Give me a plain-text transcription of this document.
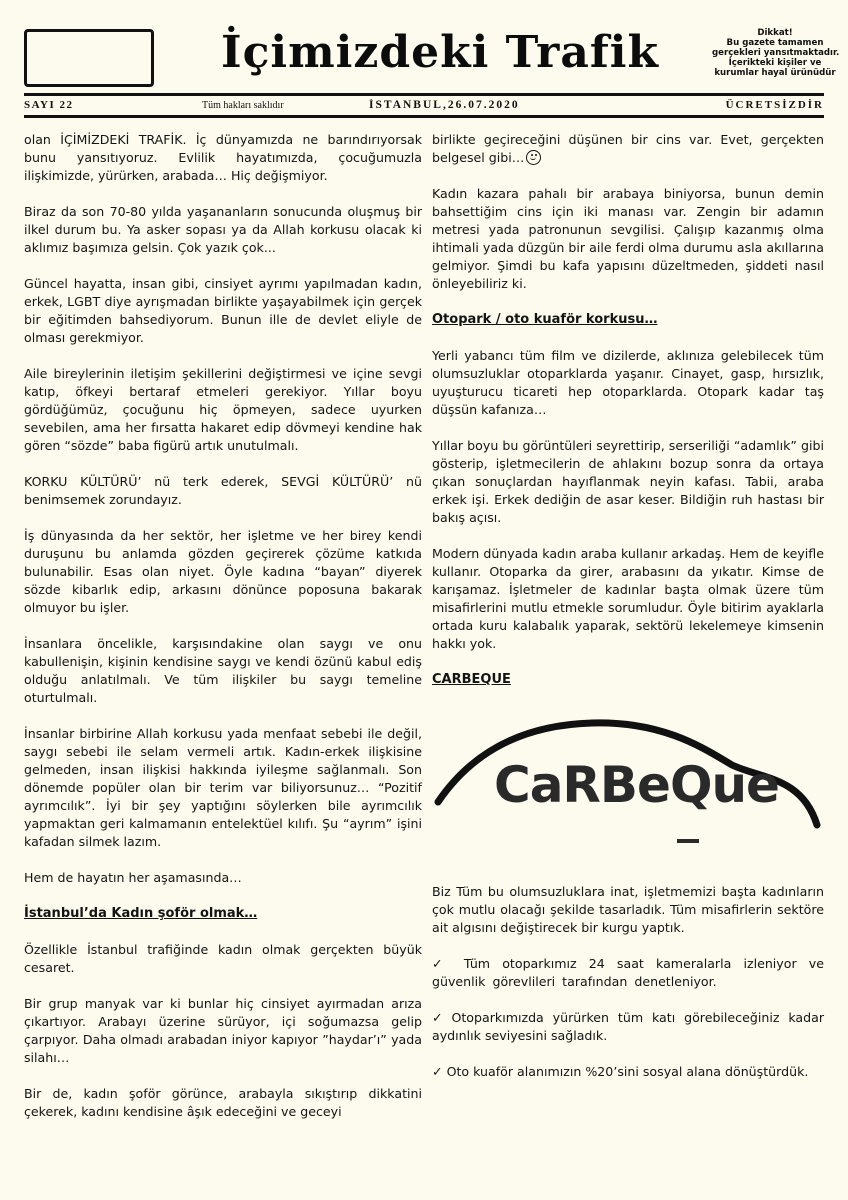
İçimizdeki Trafik	Dikkat!
Bu gazete tamamen
gerçekleri yansıtmaktadır.
İçerikteki kişiler ve
kurumlar hayal ürünüdür
SAYI 22	Tüm hakları saklıdır	İSTANBUL,26.07.2020	ÜCRETSİZDİR

olan İÇİMİZDEKİ TRAFİK. İç dünyamızda ne barındırıyorsak bunu yansıtıyoruz. Evlilik hayatımızda, çocuğumuzla ilişkimizde, yürürken, arabada… Hiç değişmiyor.

Biraz da son 70-80 yılda yaşananların sonucunda oluşmuş bir ilkel durum bu. Ya asker sopası ya da Allah korkusu olacak ki aklımız başımıza gelsin. Çok yazık çok...

Güncel hayatta, insan gibi, cinsiyet ayrımı yapılmadan kadın, erkek, LGBT diye ayrışmadan birlikte yaşayabilmek için gerçek bir eğitimden bahsediyorum. Bunun ille de devlet eliyle de olması gerekmiyor.

Aile bireylerinin iletişim şekillerini değiştirmesi ve içine sevgi katıp, öfkeyi bertaraf etmeleri gerekiyor. Yıllar boyu gördüğümüz, çocuğunu hiç öpmeyen, sadece uyurken sevebilen, ama her fırsatta hakaret edip dövmeyi kendine hak gören “sözde” baba figürü artık unutulmalı.

KORKU KÜLTÜRÜ’ nü terk ederek, SEVGİ KÜLTÜRÜ’ nü benimsemek zorundayız.

İş dünyasında da her sektör, her işletme ve her birey kendi duruşunu bu anlamda gözden geçirerek çözüme katkıda bulunabilir. Esas olan niyet. Öyle kadına “bayan” diyerek sözde kibarlık edip, arkasını dönünce poposuna bakarak olmuyor bu işler.

İnsanlara öncelikle, karşısındakine olan saygı ve onu kabullenişin, kişinin kendisine saygı ve kendi özünü kabul ediş olduğu anlatılmalı. Ve tüm ilişkiler bu saygı temeline oturtulmalı.

İnsanlar birbirine Allah korkusu yada menfaat sebebi ile değil, saygı sebebi ile selam vermeli artık. Kadın-erkek ilişkisine gelmeden, insan ilişkisi hakkında iyileşme sağlanmalı. Son dönemde popüler olan bir terim var biliyorsunuz… “Pozitif ayrımcılık”. İyi bir şey yaptığını söylerken bile ayrımcılık yapmaktan geri kalmamanın entelektüel kılıfı. Şu “ayrım” işini kafadan silmek lazım.

Hem de hayatın her aşamasında…

İstanbul’da Kadın şoför olmak…

Özellikle İstanbul trafiğinde kadın olmak gerçekten büyük cesaret.

Bir grup manyak var ki bunlar hiç cinsiyet ayırmadan arıza çıkartıyor. Arabayı üzerine sürüyor, içi soğumazsa gelip çarpıyor. Daha olmadı arabadan iniyor kapıyor ”haydar’ı” yada silahı…

Bir de, kadın şoför görünce, arabayla sıkıştırıp dikkatini çekerek, kadını kendisine âşık edeceğini ve geceyi

birlikte geçireceğini düşünen bir cins var. Evet, gerçekten belgesel gibi…

Kadın kazara pahalı bir arabaya biniyorsa, bunun demin bahsettiğim cins için iki manası var. Zengin bir adamın metresi yada patronunun sevgilisi. Çalışıp kazanmış olma ihtimali yada düzgün bir aile ferdi olma durumu asla akıllarına gelmiyor. Şimdi bu kafa yapısını düzeltmeden, şiddeti nasıl önleyebiliriz ki.

Otopark / oto kuaför korkusu…

Yerli yabancı tüm film ve dizilerde, aklınıza gelebilecek tüm olumsuzluklar otoparklarda yaşanır. Cinayet, gasp, hırsızlık, uyuşturucu ticareti hep otoparklarda. Otopark kadar taş düşsün kafanıza…

Yıllar boyu bu görüntüleri seyrettirip, serseriliği “adamlık” gibi gösterip, işletmecilerin de ahlakını bozup sonra da ortaya çıkan sonuçlardan hayıflanmak neyin kafası. Tabii, araba erkek işi. Erkek dediğin de asar keser. Bildiğin ruh hastası bir bakış açısı.

Modern dünyada kadın araba kullanır arkadaş. Hem de keyifle kullanır. Otoparka da girer, arabasını da yıkatır. Kimse de karışamaz. İşletmeler de kadınlar başta olmak üzere tüm misafirlerini mutlu etmekle sorumludur. Öyle bitirim ayaklarla ortada kuru kalabalık yaparak, sektörü lekelemeye kimsenin hakkı yok.

CARBEQUE
CaRBeQue

Biz Tüm bu olumsuzluklara inat, işletmemizi başta kadınların çok mutlu olacağı şekilde tasarladık. Tüm misafirlerin sektöre ait algısını değiştirecek bir kurgu yaptık.

✓ Tüm otoparkımız 24 saat kameralarla izleniyor ve güvenlik görevlileri tarafından denetleniyor.

✓ Otoparkımızda yürürken tüm katı görebileceğiniz kadar aydınlık seviyesini sağladık.

✓ Oto kuaför alanımızın %20’sini sosyal alana dönüştürdük.
